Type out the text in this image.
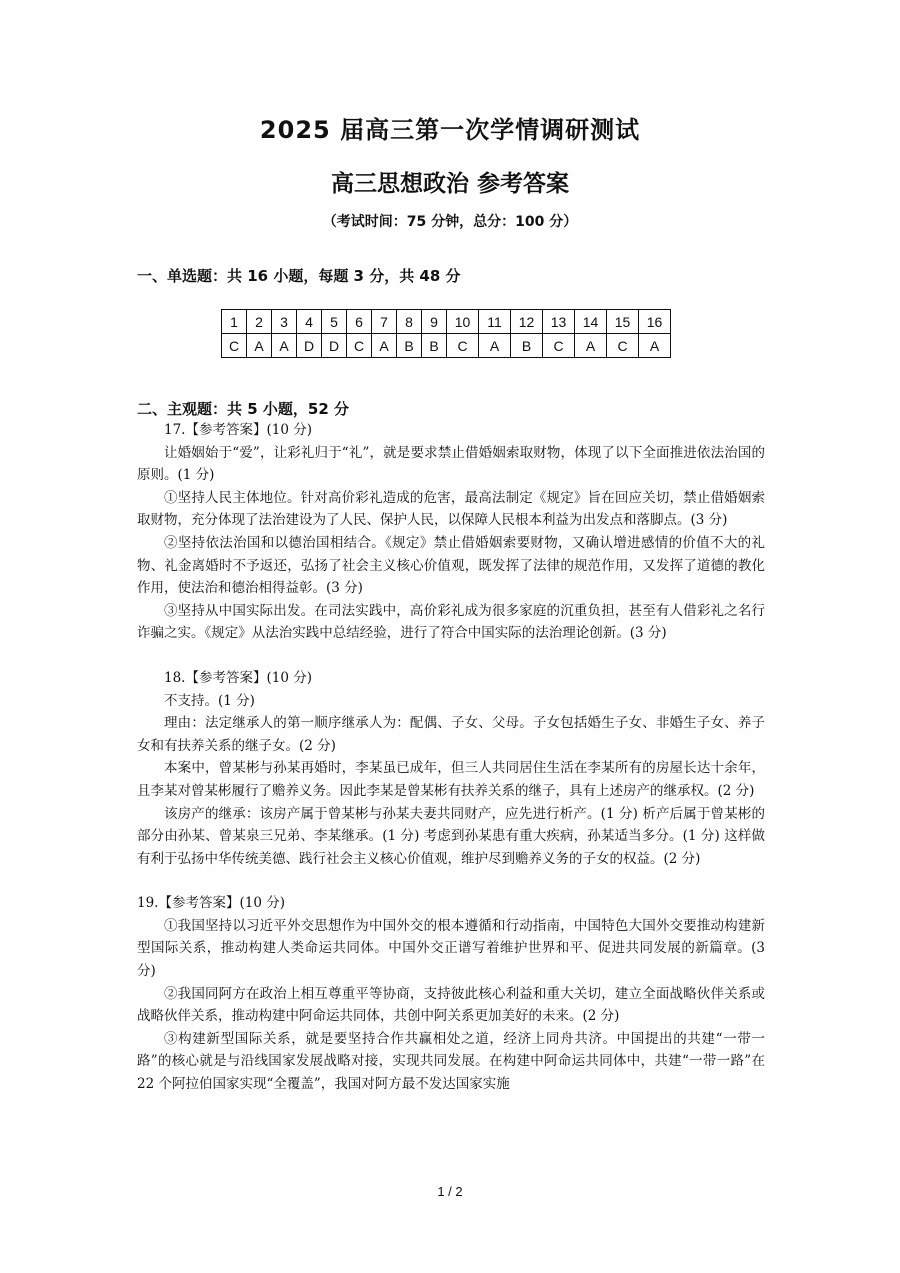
2025 届高三第一次学情调研测试
高三思想政治 参考答案
（考试时间：75 分钟，总分：100 分）
一、单选题：共 16 小题，每题 3 分，共 48 分
1	2	3	4	5	6	7	8	9	10	11	12	13	14	15	16
C	A	A	D	D	C	A	B	B	C	A	B	C	A	C	A
二、主观题：共 5 小题，52 分

17.【参考答案】(10 分)

让婚姻始于“爱”，让彩礼归于“礼”，就是要求禁止借婚姻索取财物，体现了以下全面推进依法治国的原则。(1 分)

①坚持人民主体地位。针对高价彩礼造成的危害，最高法制定《规定》旨在回应关切，禁止借婚姻索取财物，充分体现了法治建设为了人民、保护人民，以保障人民根本利益为出发点和落脚点。(3 分)

②坚持依法治国和以德治国相结合。《规定》禁止借婚姻索要财物，又确认增进感情的价值不大的礼物、礼金离婚时不予返还，弘扬了社会主义核心价值观，既发挥了法律的规范作用，又发挥了道德的教化作用，使法治和德治相得益彰。(3 分)

③坚持从中国实际出发。在司法实践中，高价彩礼成为很多家庭的沉重负担，甚至有人借彩礼之名行诈骗之实。《规定》从法治实践中总结经验，进行了符合中国实际的法治理论创新。(3 分)

18.【参考答案】(10 分)

不支持。(1 分)

理由：法定继承人的第一顺序继承人为：配偶、子女、父母。子女包括婚生子女、非婚生子女、养子女和有扶养关系的继子女。(2 分)

本案中，曾某彬与孙某再婚时，李某虽已成年，但三人共同居住生活在李某所有的房屋长达十余年，且李某对曾某彬履行了赡养义务。因此李某是曾某彬有扶养关系的继子，具有上述房产的继承权。(2 分)

该房产的继承：该房产属于曾某彬与孙某夫妻共同财产，应先进行析产。(1 分) 析产后属于曾某彬的部分由孙某、曾某泉三兄弟、李某继承。(1 分) 考虑到孙某患有重大疾病，孙某适当多分。(1 分) 这样做有利于弘扬中华传统美德、践行社会主义核心价值观，维护尽到赡养义务的子女的权益。(2 分)

19.【参考答案】(10 分)

①我国坚持以习近平外交思想作为中国外交的根本遵循和行动指南，中国特色大国外交要推动构建新型国际关系，推动构建人类命运共同体。中国外交正谱写着维护世界和平、促进共同发展的新篇章。(3 分)

②我国同阿方在政治上相互尊重平等协商，支持彼此核心利益和重大关切，建立全面战略伙伴关系或战略伙伴关系，推动构建中阿命运共同体，共创中阿关系更加美好的未来。(2 分)

③构建新型国际关系，就是要坚持合作共赢相处之道，经济上同舟共济。中国提出的共建“一带一路”的核心就是与沿线国家发展战略对接，实现共同发展。在构建中阿命运共同体中，共建“一带一路”在 22 个阿拉伯国家实现“全覆盖”，我国对阿方最不发达国家实施

1 / 2
